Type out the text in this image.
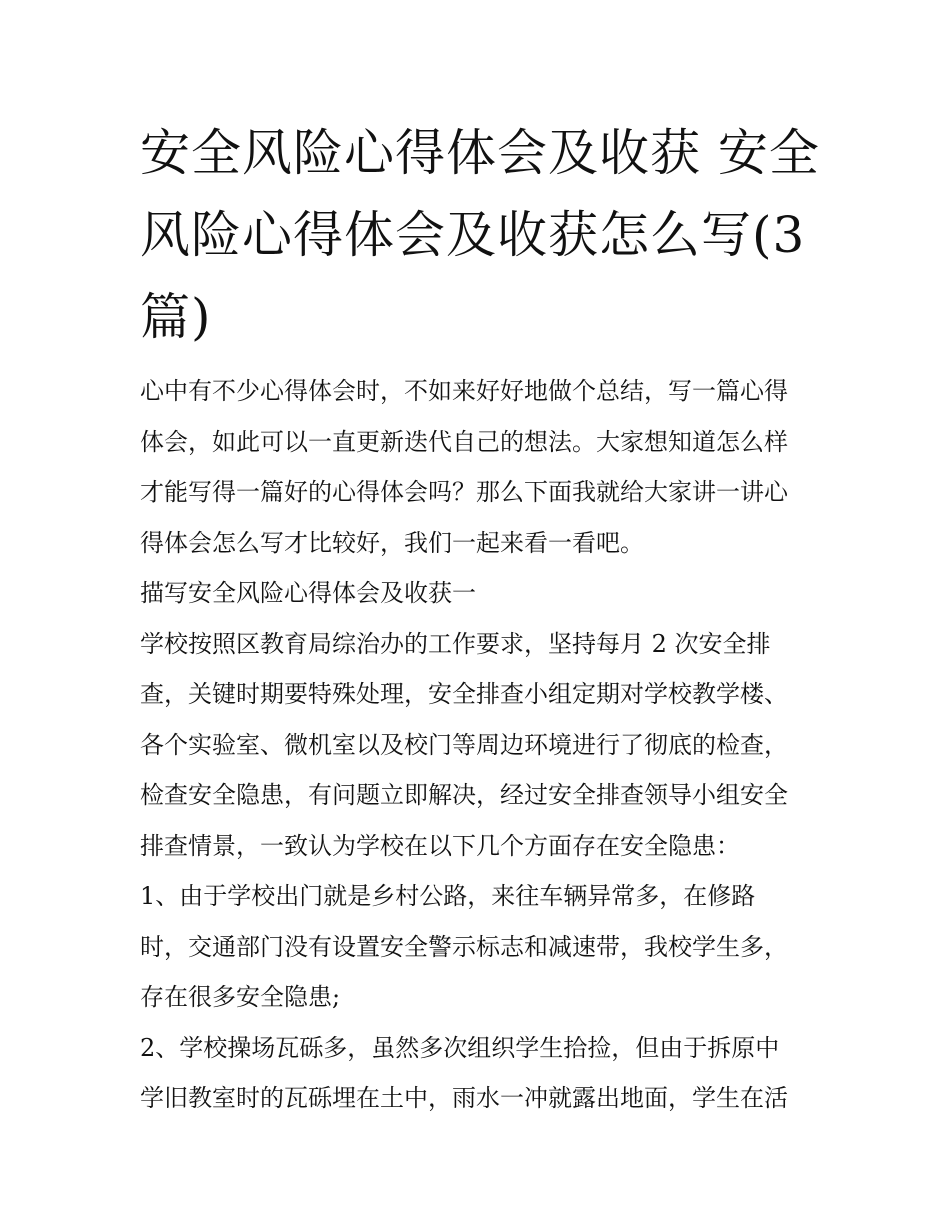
安全风险心得体会及收获 安全
风险心得体会及收获怎么写(3
篇)
心中有不少心得体会时，不如来好好地做个总结，写一篇心得
体会，如此可以一直更新迭代自己的想法。大家想知道怎么样
才能写得一篇好的心得体会吗？那么下面我就给大家讲一讲心
得体会怎么写才比较好，我们一起来看一看吧。
描写安全风险心得体会及收获一
学校按照区教育局综治办的工作要求，坚持每月 2 次安全排
查，关键时期要特殊处理，安全排查小组定期对学校教学楼、
各个实验室、微机室以及校门等周边环境进行了彻底的检查，
检查安全隐患，有问题立即解决，经过安全排查领导小组安全
排查情景，一致认为学校在以下几个方面存在安全隐患：
1、由于学校出门就是乡村公路，来往车辆异常多，在修路
时，交通部门没有设置安全警示标志和减速带，我校学生多，
存在很多安全隐患;
2、学校操场瓦砾多，虽然多次组织学生拾捡，但由于拆原中
学旧教室时的瓦砾埋在土中，雨水一冲就露出地面，学生在活
